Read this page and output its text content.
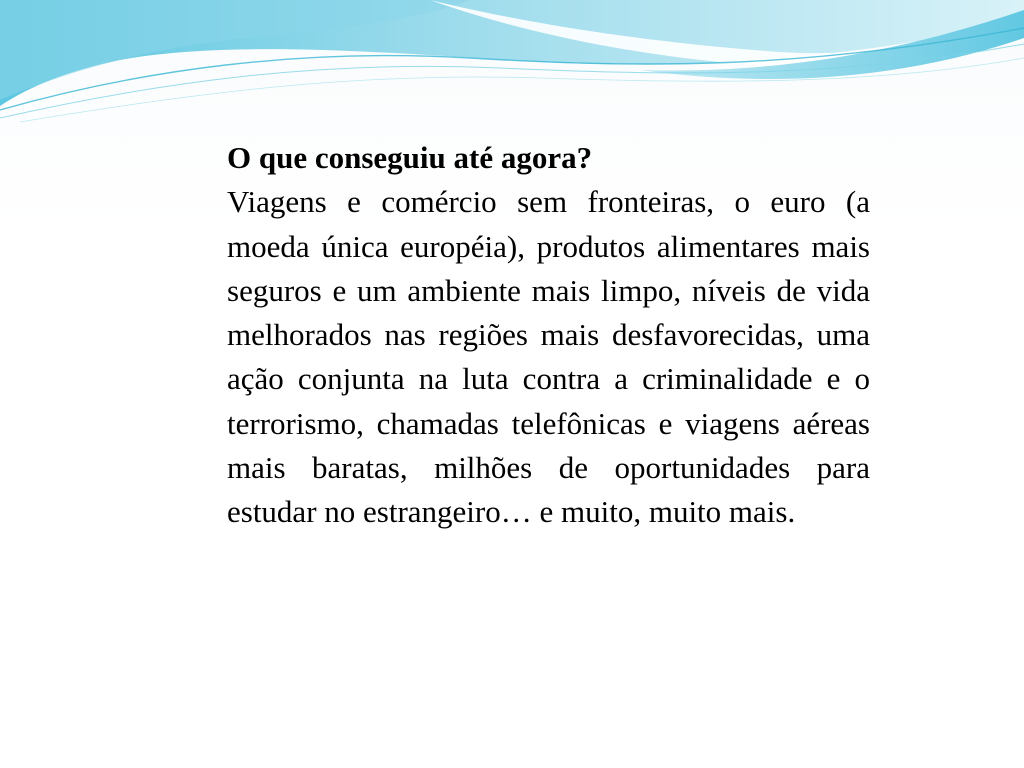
O que conseguiu até agora?

Viagens e comércio sem fronteiras, o euro (a moeda única européia), produtos alimentares mais seguros e um ambiente mais limpo, níveis de vida melhorados nas regiões mais desfavorecidas, uma ação conjunta na luta contra a criminalidade e o terrorismo, chamadas telefônicas e viagens aéreas mais baratas, milhões de oportunidades para estudar no estrangeiro… e muito, muito mais.
